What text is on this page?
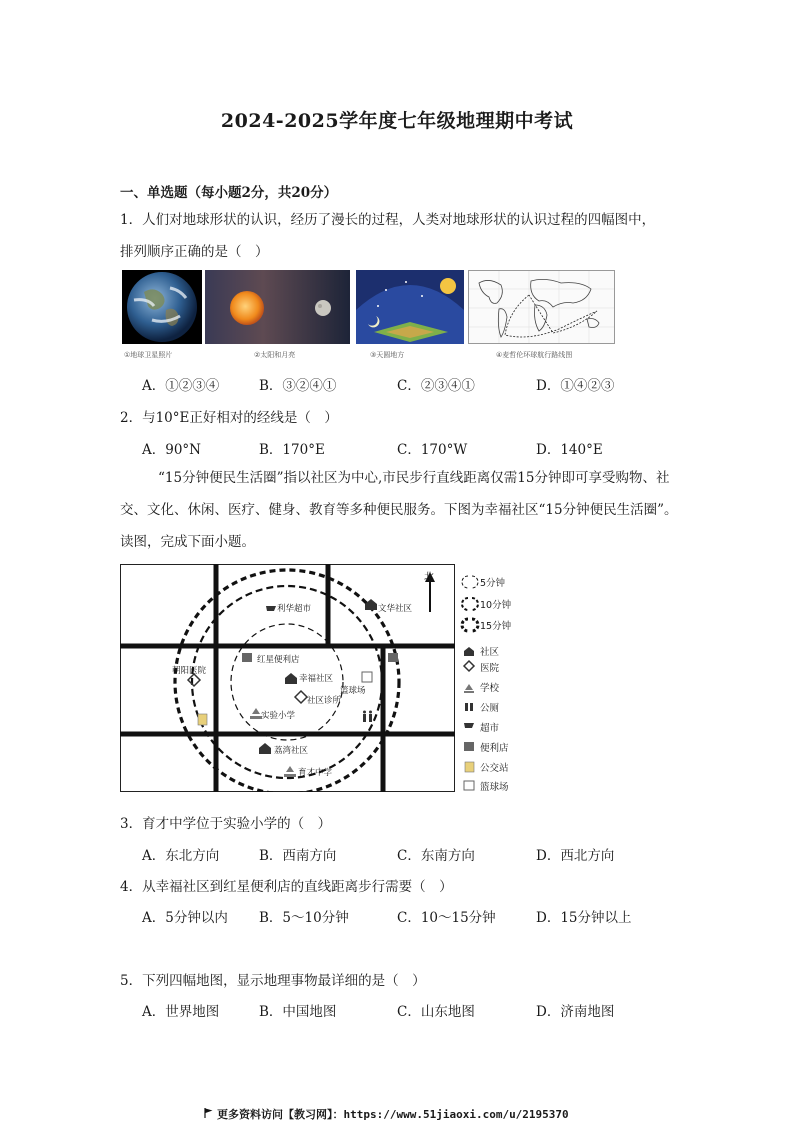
2024-2025学年度七年级地理期中考试
一、单选题（每小题2分，共20分）
1．人们对地球形状的认识，经历了漫长的过程，人类对地球形状的认识过程的四幅图中，
排列顺序正确的是（　）
①地球卫星照片	②太阳和月亮	③天圆地方	④麦哲伦环球航行路线图
A．①②③④	B．③②④①	C．②③④①	D．①④②③
2．与10°E正好相对的经线是（　）
A．90°N	B．170°E	C．170°W	D．140°E
“15分钟便民生活圈”指以社区为中心,市民步行直线距离仅需15分钟即可享受购物、社交、文化、休闲、医疗、健身、教育等多种便民服务。下图为幸福社区“15分钟便民生活圈”。读图，完成下面小题。
利华超市	文华社区
红星便利店
幸福社区
社区诊所
篮球场
实验小学
荔湾社区
育才中学
朝阳医院
北
5分钟
10分钟
15分钟
社区
医院
学校
公厕
超市
便利店
公交站
篮球场
3．育才中学位于实验小学的（　）
A．东北方向	B．西南方向	C．东南方向	D．西北方向
4．从幸福社区到红星便利店的直线距离步行需要（　）
A．5分钟以内 B．5～10分钟	C．10～15分钟	D．15分钟以上
5．下列四幅地图，显示地理事物最详细的是（　）
A．世界地图	B．中国地图	C．山东地图	D．济南地图
更多资料访问【教习网】：https://www.51jiaoxi.com/u/2195370
